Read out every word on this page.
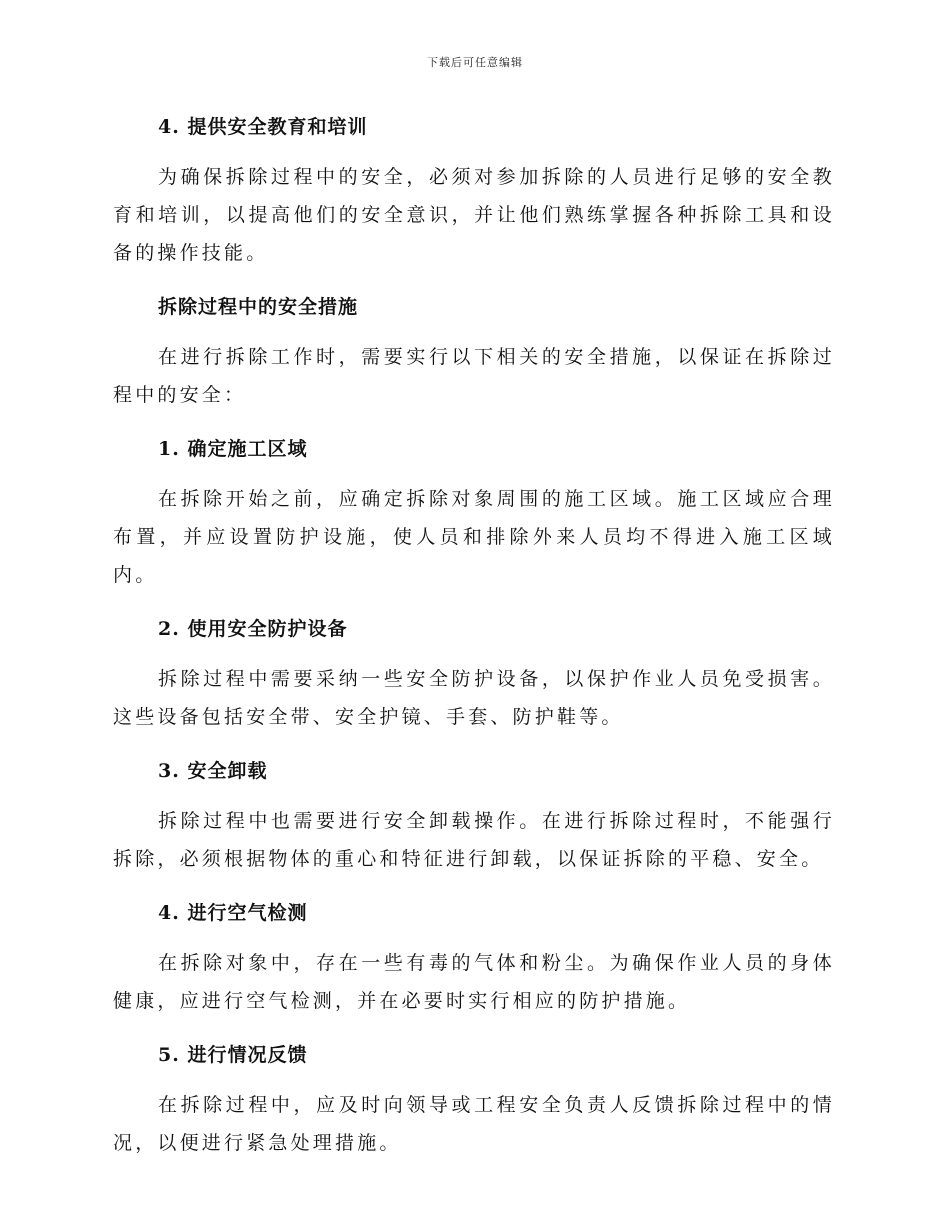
下载后可任意编辑
4. 提供安全教育和培训

为确保拆除过程中的安全，必须对参加拆除的人员进行足够的安全教育和培训，以提高他们的安全意识，并让他们熟练掌握各种拆除工具和设备的操作技能。

拆除过程中的安全措施

在进行拆除工作时，需要实行以下相关的安全措施，以保证在拆除过程中的安全：

1. 确定施工区域

在拆除开始之前，应确定拆除对象周围的施工区域。施工区域应合理布置，并应设置防护设施，使人员和排除外来人员均不得进入施工区域内。

2. 使用安全防护设备

拆除过程中需要采纳一些安全防护设备，以保护作业人员免受损害。这些设备包括安全带、安全护镜、手套、防护鞋等。

3. 安全卸载

拆除过程中也需要进行安全卸载操作。在进行拆除过程时，不能强行拆除，必须根据物体的重心和特征进行卸载，以保证拆除的平稳、安全。

4. 进行空气检测

在拆除对象中，存在一些有毒的气体和粉尘。为确保作业人员的身体健康，应进行空气检测，并在必要时实行相应的防护措施。

5. 进行情况反馈

在拆除过程中，应及时向领导或工程安全负责人反馈拆除过程中的情况，以便进行紧急处理措施。
